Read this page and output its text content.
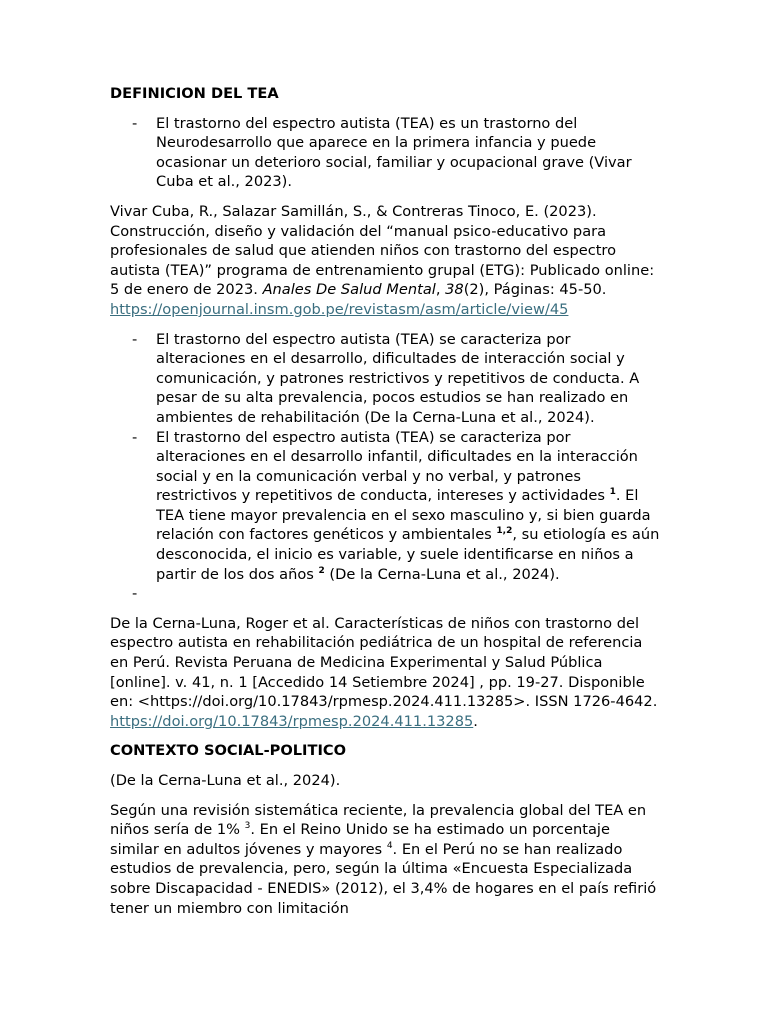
DEFINICION DEL TEA
- El trastorno del espectro autista (TEA) es un trastorno del Neurodesarrollo que aparece en la primera infancia y puede ocasionar un deterioro social, familiar y ocupacional grave (Vivar Cuba et al., 2023).

Vivar Cuba, R., Salazar Samillán, S., & Contreras Tinoco, E. (2023). Construcción, diseño y validación del “manual psico-educativo para profesionales de salud que atienden niños con trastorno del espectro autista (TEA)” programa de entrenamiento grupal (ETG): Publicado online: 5 de enero de 2023. Anales De Salud Mental, 38(2), Páginas: 45-50. https://openjournal.insm.gob.pe/revistasm/asm/article/view/45

- El trastorno del espectro autista (TEA) se caracteriza por alteraciones en el desarrollo, dificultades de interacción social y comunicación, y patrones restrictivos y repetitivos de conducta. A pesar de su alta prevalencia, pocos estudios se han realizado en ambientes de rehabilitación (De la Cerna-Luna et al., 2024).
- El trastorno del espectro autista (TEA) se caracteriza por alteraciones en el desarrollo infantil, dificultades en la interacción social y en la comunicación verbal y no verbal, y patrones restrictivos y repetitivos de conducta, intereses y actividades $^1$. El TEA tiene mayor prevalencia en el sexo masculino y, si bien guarda relación con factores genéticos y ambientales $^{1,2}$, su etiología es aún desconocida, el inicio es variable, y suele identificarse en niños a partir de los dos años $^2$ (De la Cerna-Luna et al., 2024).
-

De la Cerna-Luna, Roger et al. Características de niños con trastorno del espectro autista en rehabilitación pediátrica de un hospital de referencia en Perú. Revista Peruana de Medicina Experimental y Salud Pública [online]. v. 41, n. 1 [Accedido 14 Setiembre 2024] , pp. 19-27. Disponible en: <https://doi.org/10.17843/rpmesp.2024.411.13285>. ISSN 1726-4642. https://doi.org/10.17843/rpmesp.2024.411.13285.

CONTEXTO SOCIAL-POLITICO

(De la Cerna-Luna et al., 2024).

Según una revisión sistemática reciente, la prevalencia global del TEA en niños sería de 1% $^3$. En el Reino Unido se ha estimado un porcentaje similar en adultos jóvenes y mayores $^4$. En el Perú no se han realizado estudios de prevalencia, pero, según la última «Encuesta Especializada sobre Discapacidad - ENEDIS» (2012), el 3,4% de hogares en el país refirió tener un miembro con limitación
